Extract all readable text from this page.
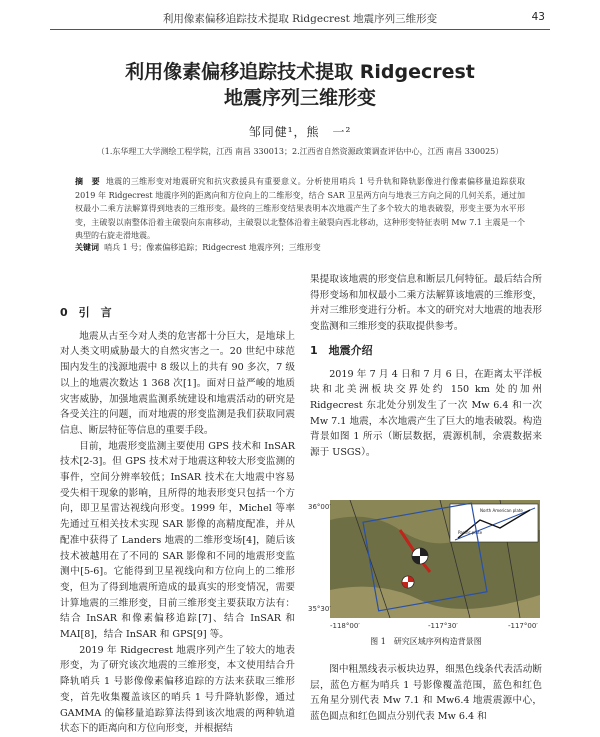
利用像素偏移追踪技术提取 Ridgecrest 地震序列三维形变	43
利用像素偏移追踪技术提取 Ridgecrest
地震序列三维形变
邹同健¹，熊　一²
（1.东华理工大学测绘工程学院，江西 南昌 330013；2.江西省自然资源政策调查评估中心，江西 南昌 330025）
摘　要 地震的三维形变对地震研究和抗灾救援具有重要意义。分析使用哨兵 1 号升轨和降轨影像进行像素偏移量追踪获取 2019 年 Ridgecrest 地震序列的距离向和方位向上的二维形变，结合 SAR 卫星两方向与地表三方向之间的几何关系，通过加权最小二乘方法解算得到地表的三维形变。最终的三维形变结果表明本次地震产生了多个较大的地表破裂，形变主要为水平形变，主破裂以南整体沿着主破裂向东南移动，主破裂以北整体沿着主破裂向西北移动，这种形变特征表明 Mw 7.1 主震是一个典型的右旋走滑地震。
关键词 哨兵 1 号；像素偏移追踪；Ridgecrest 地震序列；三维形变
0　引　言

地震从古至今对人类的危害都十分巨大，是地球上对人类文明威胁最大的自然灾害之一。20 世纪中球范围内发生的浅源地震中 8 级以上的共有 90 多次，7 级以上的地震次数达 1 368 次[1]。面对日益严峻的地质灾害威胁，加强地震监测系统建设和地震活动的研究是各受关注的问题，而对地震的形变监测是我们获取同震信息、断层特征等信息的重要手段。

目前，地震形变监测主要使用 GPS 技术和 InSAR 技术[2-3]。但 GPS 技术对于地震这种较大形变监测的事件，空间分辨率较低；InSAR 技术在大地震中容易受失相干现象的影响，且所得的地表形变只包括一个方向，即卫星雷达视线向形变。1999 年，Michel 等率先通过互相关技术实现 SAR 影像的高精度配准，并从配准中获得了 Landers 地震的二维形变场[4]，随后该技术被越用在了不同的 SAR 影像和不同的地震形变监测中[5-6]。它能得到卫星视线向和方位向上的二维形变，但为了得到地震所造成的最真实的形变情况，需要计算地震的三维形变，目前三维形变主要获取方法有：结合 InSAR 和像素偏移追踪[7]、结合 InSAR 和 MAI[8]，结合 InSAR 和 GPS[9] 等。

2019 年 Ridgecrest 地震序列产生了较大的地表形变，为了研究该次地震的三维形变，本文使用结合升降轨哨兵 1 号影像像素偏移追踪的方法来获取三维形变，首先收集覆盖该区的哨兵 1 号升降轨影像，通过 GAMMA 的偏移量追踪算法得到该次地震的两种轨道状态下的距离向和方位向形变，并根据结

果提取该地震的形变信息和断层几何特征。最后结合所得形变场和加权最小二乘方法解算该地震的三维形变，并对三维形变进行分析。本文的研究对大地震的地表形变监测和三维形变的获取提供参考。

1　地震介绍

2019 年 7 月 4 日和 7 月 6 日，在距离太平洋板块和北美洲板块交界处约 150 km 处的加州 Ridgecrest 东北处分别发生了一次 Mw 6.4 和一次 Mw 7.1 地震，本次地震产生了巨大的地表破裂。构造背景如图 1 所示（断层数据，震源机制，余震数据来源于 USGS）。

North American plate
Pacific plate
36°00′
35°30′
-118°00′	-117°30′	-117°00′
图 1　研究区域序列构造背景图

图中粗黑线表示板块边界，细黑色线条代表活动断层，蓝色方框为哨兵 1 号影像覆盖范围，蓝色和红色五角星分别代表 Mw 7.1 和 Mw6.4 地震震源中心，蓝色圆点和红色圆点分别代表 Mw 6.4 和
